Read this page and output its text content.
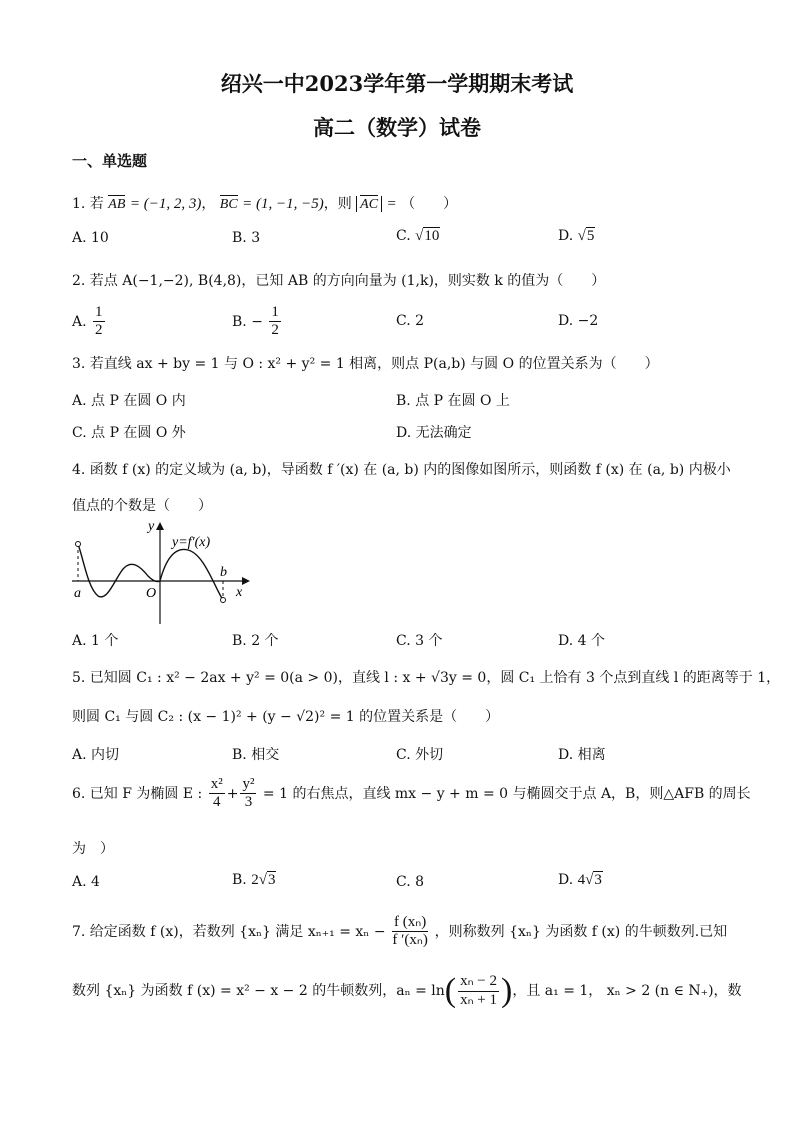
绍兴一中2023学年第一学期期末考试
高二（数学）试卷
一、单选题
1. 若 AB = (−1, 2, 3)， BC = (1, −1, −5)，则 AC = （　　）
A. 10	B. 3	C. √10	D. √5
2. 若点 A(−1,−2), B(4,8)，已知 AB 的方向向量为 (1,k)，则实数 k 的值为（　　）
A. $\frac{1}{2}$	B. − $\frac{1}{2}$	C. 2	D. −2
3. 若直线 ax + by = 1 与 O : x² + y² = 1 相离，则点 P(a,b) 与圆 O 的位置关系为（　　）
A. 点 P 在圆 O 内	B. 点 P 在圆 O 上
C. 点 P 在圆 O 外	D. 无法确定
4. 函数 f (x) 的定义域为 (a, b)，导函数 f ′(x) 在 (a, b) 内的图像如图所示，则函数 f (x) 在 (a, b) 内极小
值点的个数是（　　）
y
y=f′(x)
b
a	O	x
A. 1 个	B. 2 个	C. 3 个	D. 4 个
5. 已知圆 C₁ : x² − 2ax + y² = 0(a > 0)，直线 l : x + √3y = 0，圆 C₁ 上恰有 3 个点到直线 l 的距离等于 1，
则圆 C₁ 与圆 C₂ : (x − 1)² + (y − √2)² = 1 的位置关系是（　　）
A. 内切	B. 相交	C. 外切	D. 相离
6. 已知 F 为椭圆 E : $\frac{\text{x²}}{4} + \frac{\text{y²}}{3} = 1$ 的右焦点，直线 mx − y + m = 0 与椭圆交于点 A，B，则△AFB 的周长
为　）
A. 4	B. 2√3	C. 8	D. 4√3
7. 给定函数 f (x)，若数列 {xₙ} 满足 $x_{n+1} = x_n - \frac{\text{f (xₙ)}}{\text{f ′(xₙ)}}$ ，则称数列 {xₙ} 为函数 f (x) 的牛顿数列.已知
数列 {xₙ} 为函数 f (x) = x² − x − 2 的牛顿数列，$a_n = \ln( \frac{\text{xₙ − 2}}{\text{xₙ + 1}}$ )，且 a₁ = 1， xₙ > 2 (n ∈ N₊)，数
